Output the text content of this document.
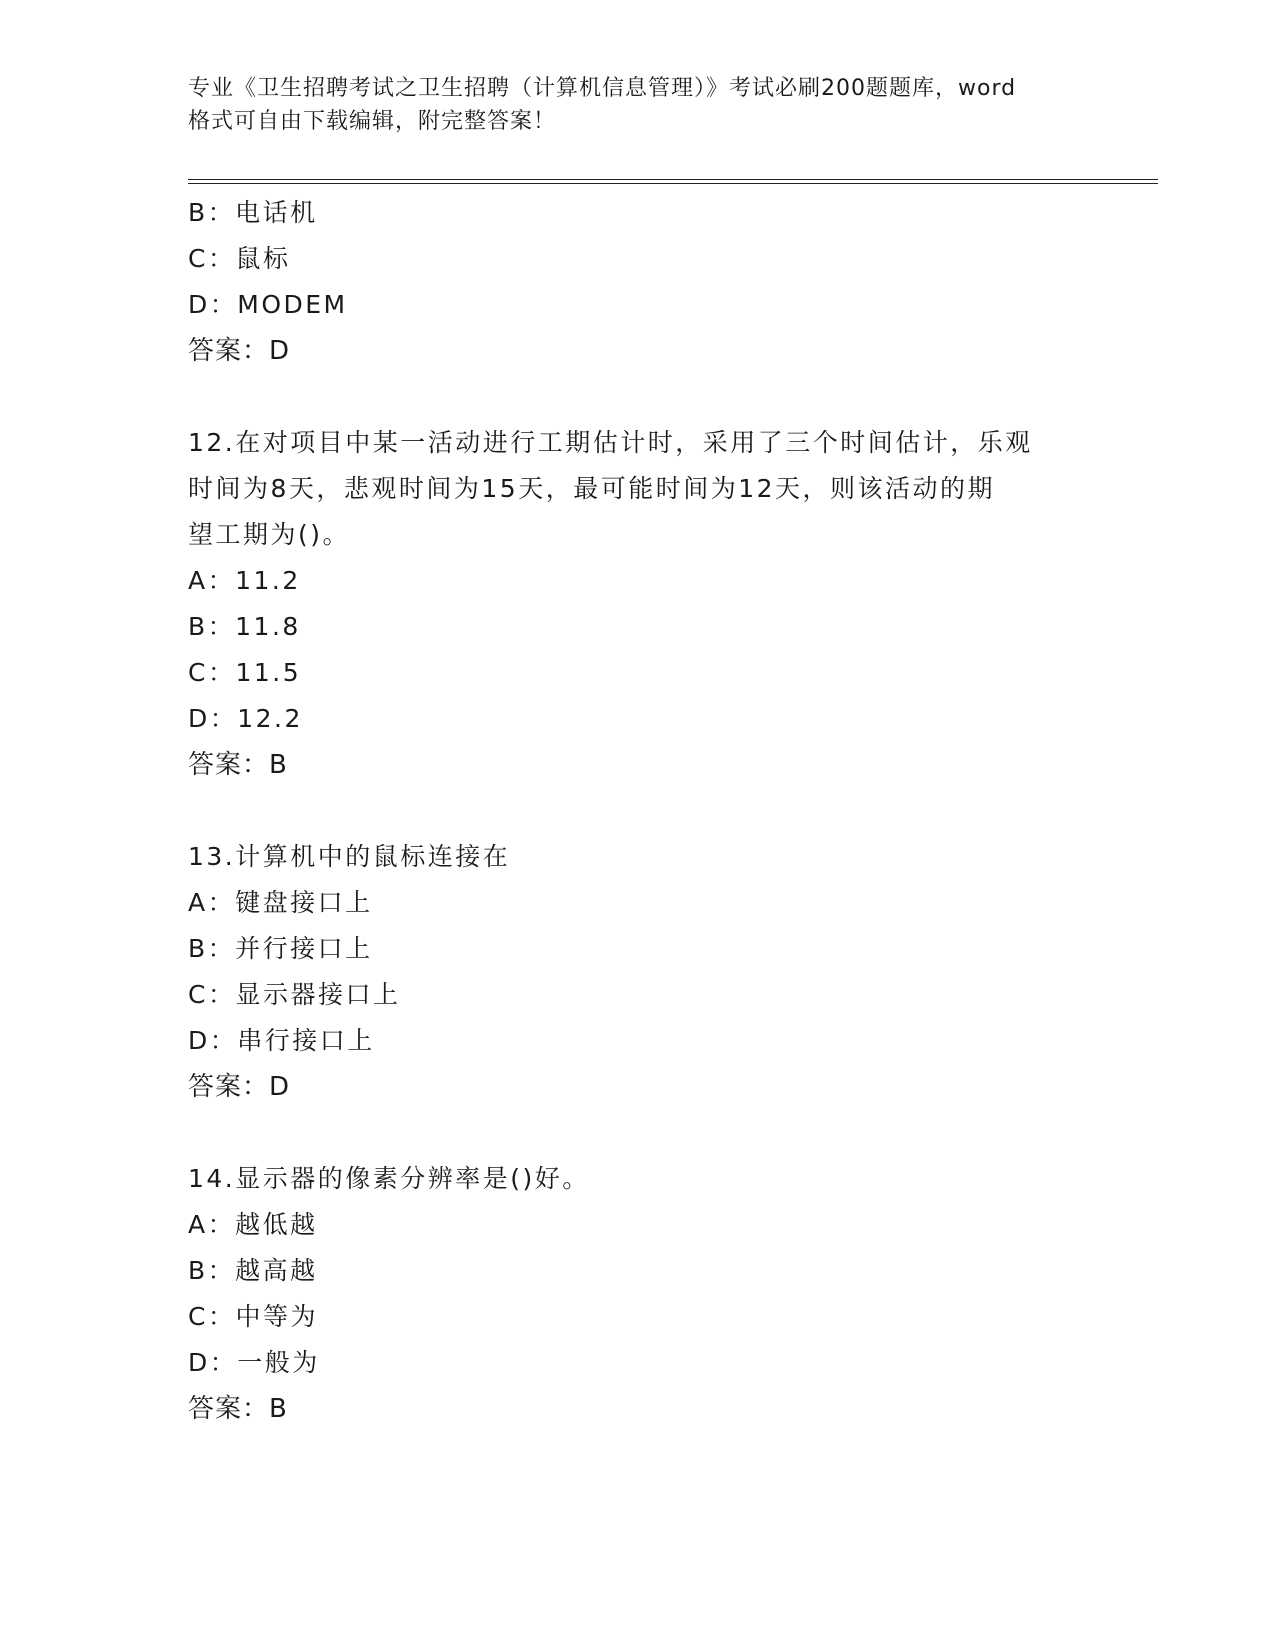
专业《卫生招聘考试之卫生招聘（计算机信息管理）》考试必刷200题题库，word
格式可自由下载编辑，附完整答案！
B：电话机
C：鼠标
D：MODEM
答案：D
12.在对项目中某一活动进行工期估计时，采用了三个时间估计，乐观
时间为8天，悲观时间为15天，最可能时间为12天，则该活动的期
望工期为()。
A：11.2
B：11.8
C：11.5
D：12.2
答案：B
13.计算机中的鼠标连接在
A：键盘接口上
B：并行接口上
C：显示器接口上
D：串行接口上
答案：D
14.显示器的像素分辨率是()好。
A：越低越
B：越高越
C：中等为
D：一般为
答案：B
